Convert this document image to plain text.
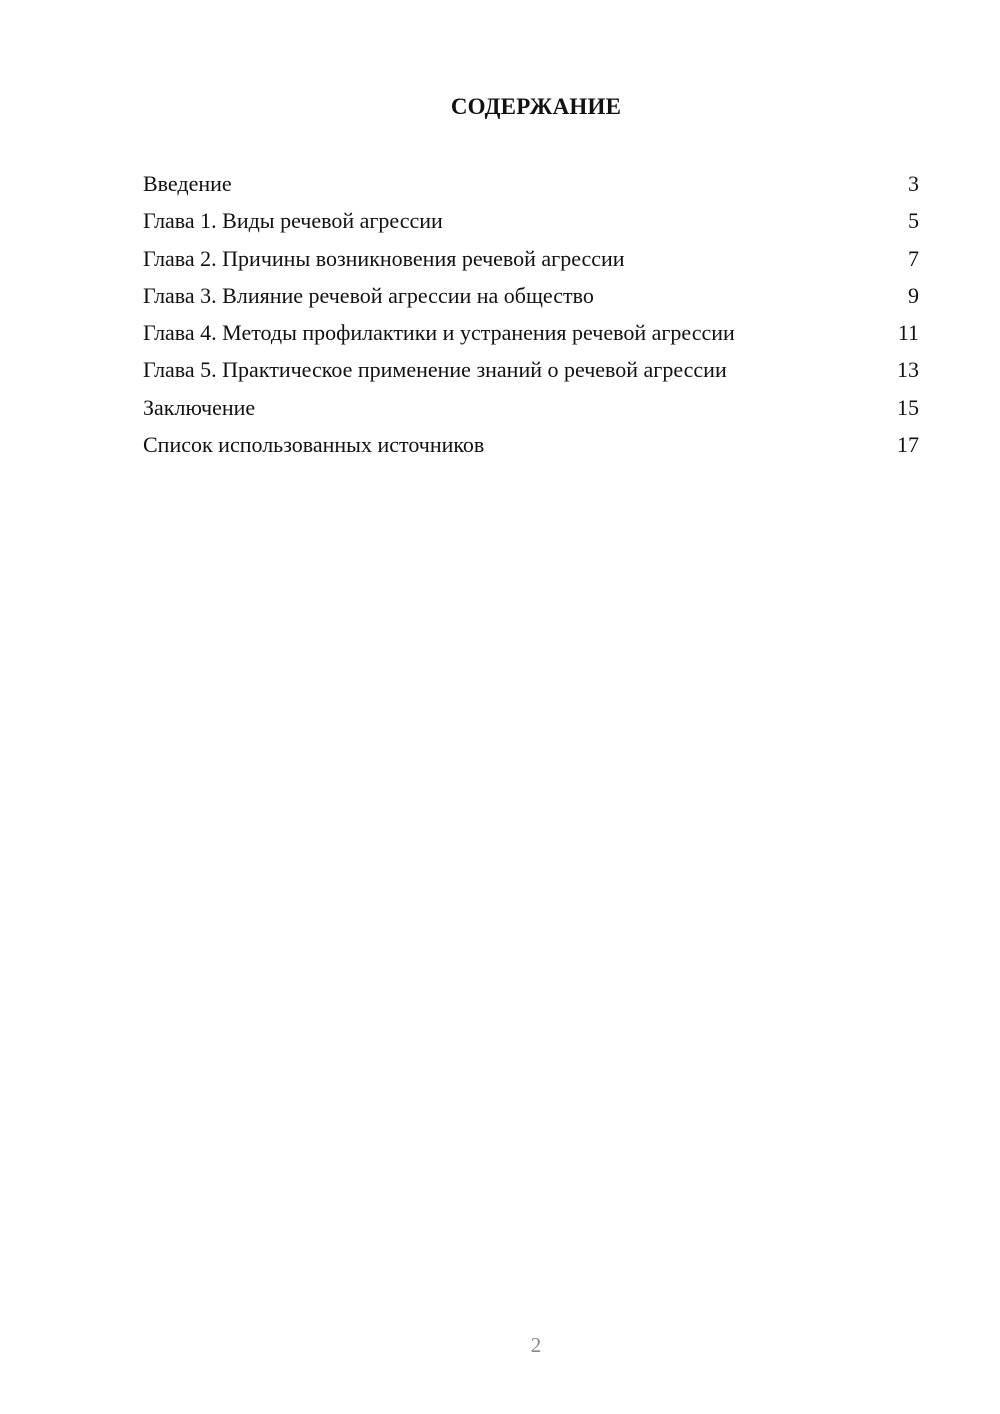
СОДЕРЖАНИЕ
Введение	3
Глава 1. Виды речевой агрессии	5
Глава 2. Причины возникновения речевой агрессии	7
Глава 3. Влияние речевой агрессии на общество	9
Глава 4. Методы профилактики и устранения речевой агрессии	11
Глава 5. Практическое применение знаний о речевой агрессии	13
Заключение	15
Список использованных источников	17
2
